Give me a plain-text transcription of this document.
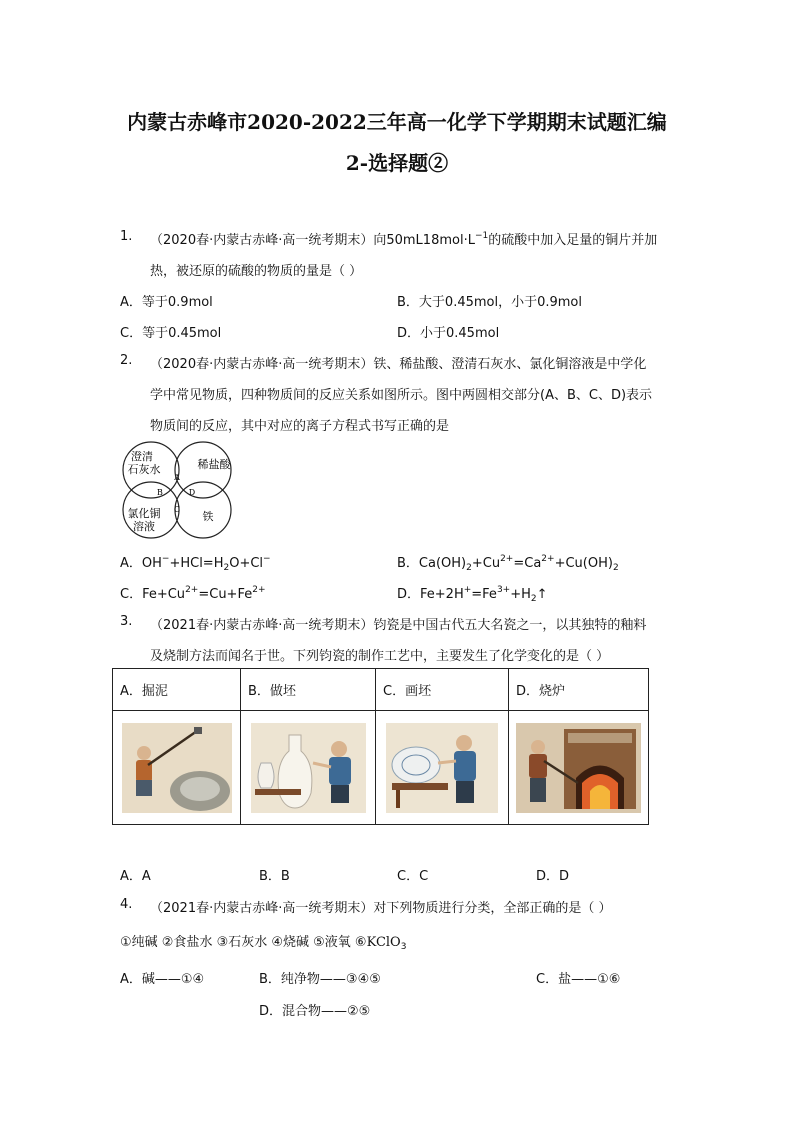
内蒙古赤峰市2020-2022三年高一化学下学期期末试题汇编
2-选择题②
1. （2020春·内蒙古赤峰·高一统考期末）向$50mL18mol\cdot L^{-1}$的硫酸中加入足量的铜片并加
热，被还原的硫酸的物质的量是（ ）
A．等于0.9mol	B．大于0.45mol，小于0.9mol
C．等于0.45mol	D．小于0.45mol
2. （2020春·内蒙古赤峰·高一统考期末）铁、稀盐酸、澄清石灰水、氯化铜溶液是中学化
学中常见物质，四种物质间的反应关系如图所示。图中两圆相交部分(A、B、C、D)表示
物质间的反应，其中对应的离子方程式书写正确的是
澄清
石灰水	稀盐酸
氯化铜
溶液
铁
A
B
C
D
A．$OH^-+HCl=H_2O+Cl^-$	B．$Ca(OH)_2+Cu^{2+}=Ca^{2+}+Cu(OH)_2$
C．$Fe+Cu^{2+}=Cu+Fe^{2+}$	D．$Fe+2H^+=Fe^{3+}+H_2↑$
3. （2021春·内蒙古赤峰·高一统考期末）钧瓷是中国古代五大名瓷之一，以其独特的釉料
及烧制方法而闻名于世。下列钧瓷的制作工艺中，主要发生了化学变化的是（ ）
A．掘泥	B．做坯	C．画坯	D．烧炉

A．A	B．B	C．C	D．D
4. （2021春·内蒙古赤峰·高一统考期末）对下列物质进行分类，全部正确的是（ ）
①纯碱 ②食盐水 ③石灰水 ④烧碱 ⑤液氧 ⑥KClO$_3$
A．碱——①④	B．纯净物——③④⑤	C．盐——①⑥
D．混合物——②⑤
